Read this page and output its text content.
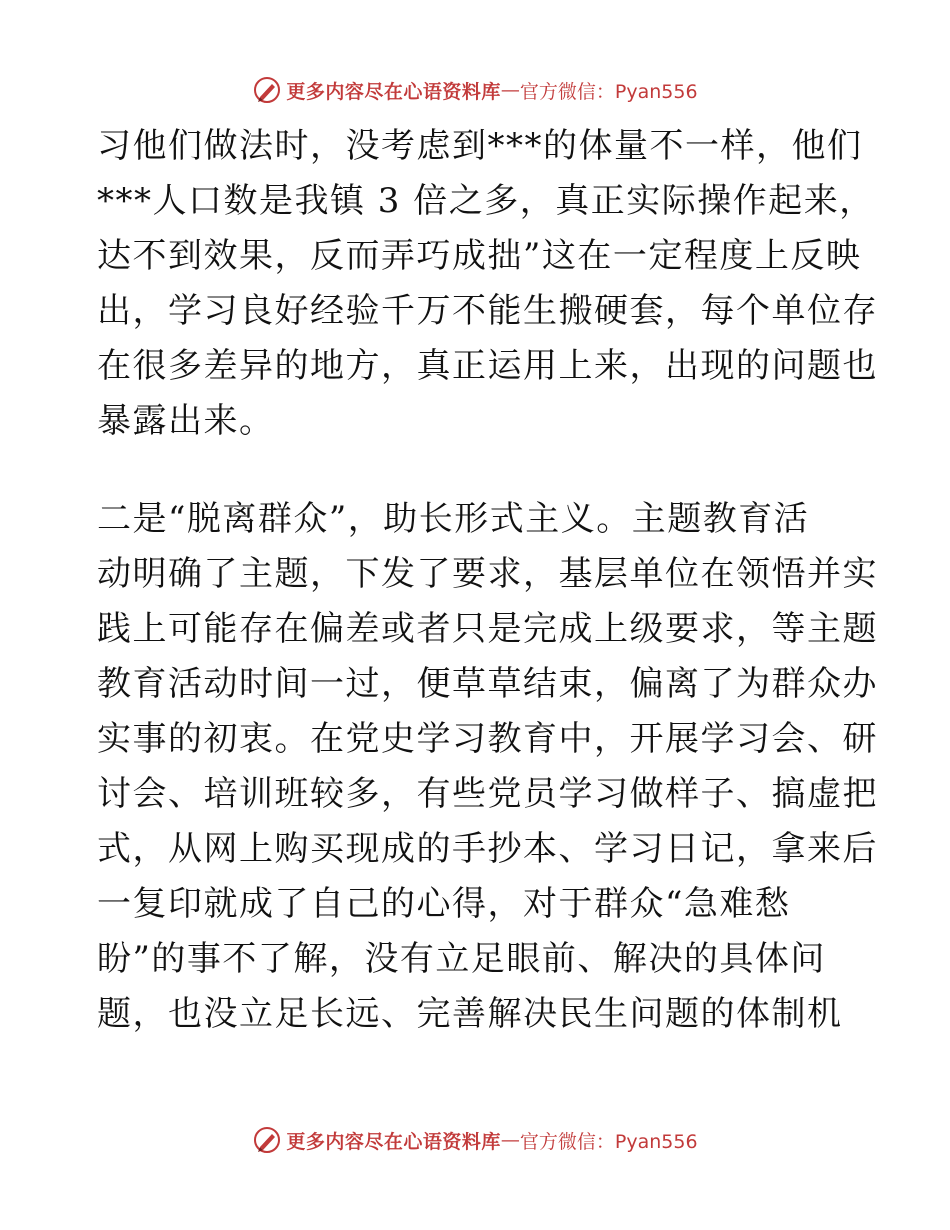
更多内容尽在心语资料库 — 官方微信：Pyan556
习他们做法时，没考虑到***的体量不一样，他们
***人口数是我镇 3 倍之多，真正实际操作起来，
达不到效果，反而弄巧成拙”这在一定程度上反映
出，学习良好经验千万不能生搬硬套，每个单位存
在很多差异的地方，真正运用上来，出现的问题也
暴露出来。
二是“脱离群众”，助长形式主义。主题教育活
动明确了主题，下发了要求，基层单位在领悟并实
践上可能存在偏差或者只是完成上级要求，等主题
教育活动时间一过，便草草结束，偏离了为群众办
实事的初衷。在党史学习教育中，开展学习会、研
讨会、培训班较多，有些党员学习做样子、搞虚把
式，从网上购买现成的手抄本、学习日记，拿来后
一复印就成了自己的心得，对于群众“急难愁
盼”的事不了解，没有立足眼前、解决的具体问
题，也没立足长远、完善解决民生问题的体制机
更多内容尽在心语资料库 — 官方微信：Pyan556
